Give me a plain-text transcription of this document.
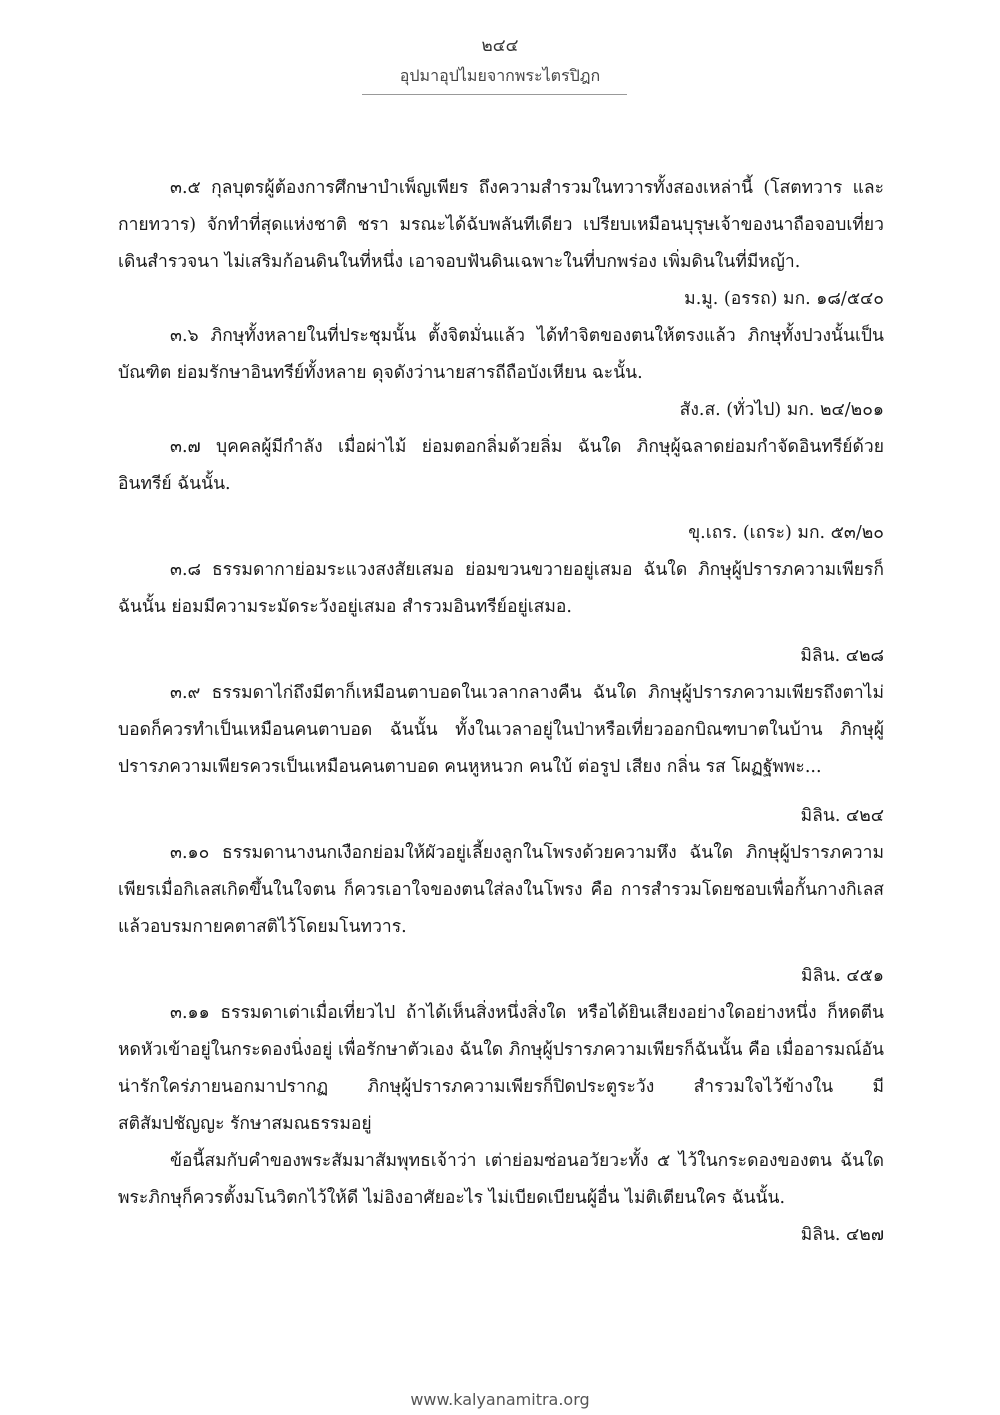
๒๔๔
อุปมาอุปไมยจากพระไตรปิฎก

๓.๕ กุลบุตรผู้ต้องการศึกษาบำเพ็ญเพียร ถึงความสำรวมในทวารทั้งสองเหล่านี้ (โสตทวาร และกายทวาร) จักทำที่สุดแห่งชาติ ชรา มรณะได้ฉับพลันทีเดียว เปรียบเหมือนบุรุษเจ้าของนาถือจอบเที่ยวเดินสำรวจนา ไม่เสริมก้อนดินในที่หนึ่ง เอาจอบฟันดินเฉพาะในที่บกพร่อง เพิ่มดินในที่มีหญ้า.

ม.มู. (อรรถ) มก. ๑๘/๕๔๐

๓.๖ ภิกษุทั้งหลายในที่ประชุมนั้น ตั้งจิตมั่นแล้ว ได้ทำจิตของตนให้ตรงแล้ว ภิกษุทั้งปวงนั้นเป็นบัณฑิต ย่อมรักษาอินทรีย์ทั้งหลาย ดุจดังว่านายสารถีถือบังเหียน ฉะนั้น.

สัง.ส. (ทั่วไป) มก. ๒๔/๒๐๑

๓.๗ บุคคลผู้มีกำลัง เมื่อผ่าไม้ ย่อมตอกลิ่มด้วยลิ่ม ฉันใด ภิกษุผู้ฉลาดย่อมกำจัดอินทรีย์ด้วยอินทรีย์ ฉันนั้น.

ขุ.เถร. (เถระ) มก. ๕๓/๒๐

๓.๘ ธรรมดากาย่อมระแวงสงสัยเสมอ ย่อมขวนขวายอยู่เสมอ ฉันใด ภิกษุผู้ปรารภความเพียรก็ฉันนั้น ย่อมมีความระมัดระวังอยู่เสมอ สำรวมอินทรีย์อยู่เสมอ.

มิลิน. ๔๒๘

๓.๙ ธรรมดาไก่ถึงมีตาก็เหมือนตาบอดในเวลากลางคืน ฉันใด ภิกษุผู้ปรารภความเพียรถึงตาไม่บอดก็ควรทำเป็นเหมือนคนตาบอด ฉันนั้น ทั้งในเวลาอยู่ในป่าหรือเที่ยวออกบิณฑบาตในบ้าน ภิกษุผู้ปรารภความเพียรควรเป็นเหมือนคนตาบอด คนหูหนวก คนใบ้ ต่อรูป เสียง กลิ่น รส โผฏฐัพพะ...

มิลิน. ๔๒๔

๓.๑๐ ธรรมดานางนกเงือกย่อมให้ผัวอยู่เลี้ยงลูกในโพรงด้วยความหึง ฉันใด ภิกษุผู้ปรารภความเพียรเมื่อกิเลสเกิดขึ้นในใจตน ก็ควรเอาใจของตนใส่ลงในโพรง คือ การสำรวมโดยชอบเพื่อกั้นกางกิเลส แล้วอบรมกายคตาสติไว้โดยมโนทวาร.

มิลิน. ๔๕๑

๓.๑๑ ธรรมดาเต่าเมื่อเที่ยวไป ถ้าได้เห็นสิ่งหนึ่งสิ่งใด หรือได้ยินเสียงอย่างใดอย่างหนึ่ง ก็หดตีนหดหัวเข้าอยู่ในกระดองนิ่งอยู่ เพื่อรักษาตัวเอง ฉันใด ภิกษุผู้ปรารภความเพียรก็ฉันนั้น คือ เมื่ออารมณ์อันน่ารักใคร่ภายนอกมาปรากฏ ภิกษุผู้ปรารภความเพียรก็ปิดประตูระวัง สำรวมใจไว้ข้างใน มีสติสัมปชัญญะ รักษาสมณธรรมอยู่

ข้อนี้สมกับคำของพระสัมมาสัมพุทธเจ้าว่า เต่าย่อมซ่อนอวัยวะทั้ง ๕ ไว้ในกระดองของตน ฉันใด พระภิกษุก็ควรตั้งมโนวิตกไว้ให้ดี ไม่อิงอาศัยอะไร ไม่เบียดเบียนผู้อื่น ไม่ติเตียนใคร ฉันนั้น.

มิลิน. ๔๒๗

www.kalyanamitra.org
